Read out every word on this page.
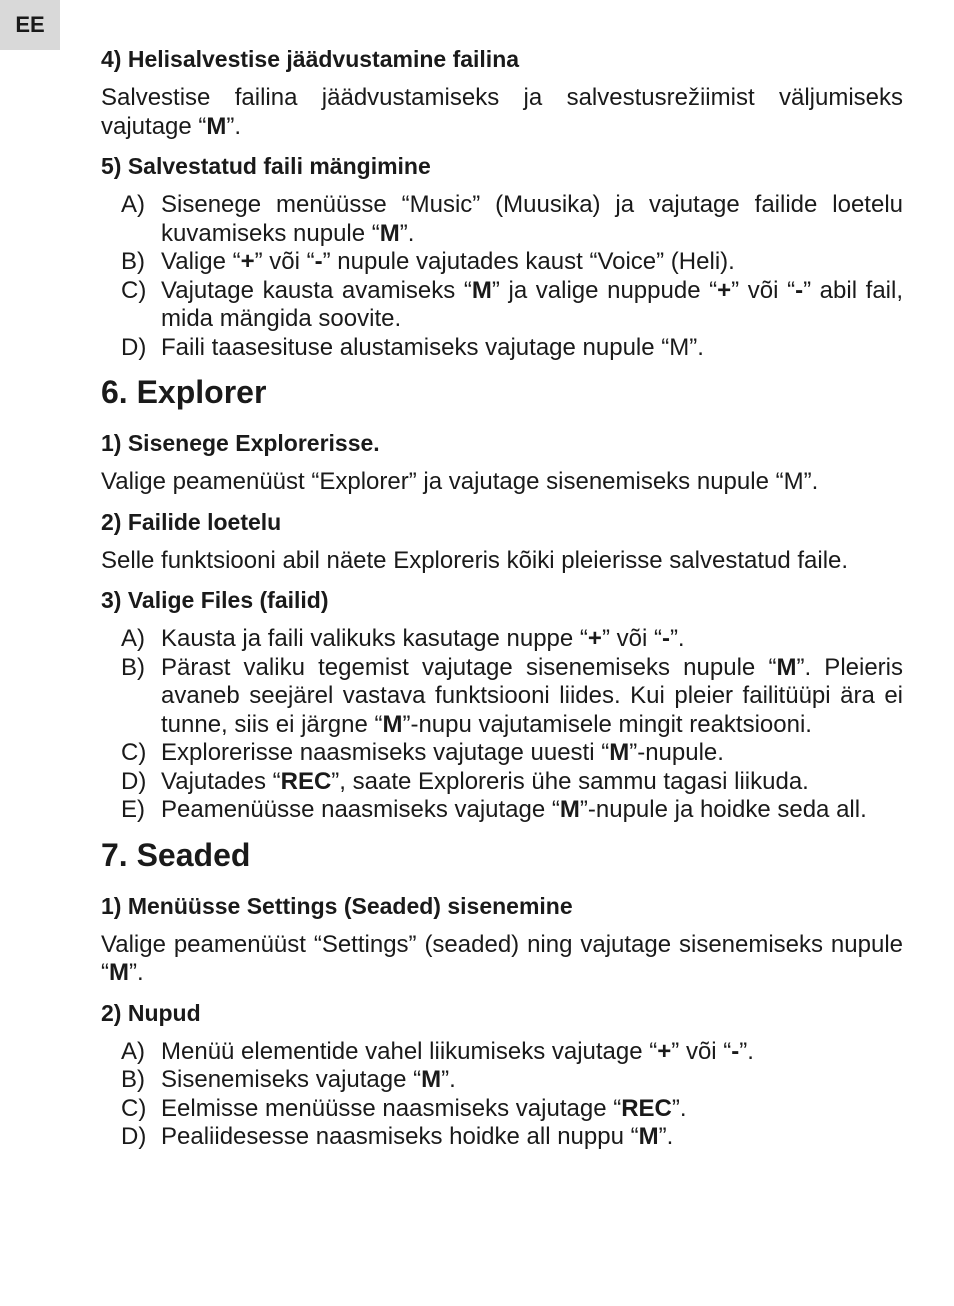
EE
4) Helisalvestise jäädvustamine failina

Salvestise failina jäädvustamiseks ja salvestusrežiimist väljumiseks vajutage “M”.

5) Salvestatud faili mängimine
A) Sisenege menüüsse “Music” (Muusika) ja vajutage failide loetelu kuvamiseks nupule “M”.
B) Valige “+” või “-” nupule vajutades kaust “Voice” (Heli).
C) Vajutage kausta avamiseks “M” ja valige nuppude “+” või “-” abil fail, mida mängida soovite.
D) Faili taasesituse alustamiseks vajutage nupule “M”.
6. Explorer
1) Sisenege Explorerisse.

Valige peamenüüst “Explorer” ja vajutage sisenemiseks nupule “M”.

2) Failide loetelu

Selle funktsiooni abil näete Exploreris kõiki pleierisse salvestatud faile.

3) Valige Files (failid)
A) Kausta ja faili valikuks kasutage nuppe “+” või “-”.
B) Pärast valiku tegemist vajutage sisenemiseks nupule “M”. Pleieris avaneb seejärel vastava funktsiooni liides. Kui pleier failitüüpi ära ei tunne, siis ei järgne “M”-nupu vajutamisele mingit reaktsiooni.
C) Explorerisse naasmiseks vajutage uuesti “M”-nupule.
D) Vajutades “REC”, saate Exploreris ühe sammu tagasi liikuda.
E) Peamenüüsse naasmiseks vajutage “M”-nupule ja hoidke seda all.
7. Seaded
1) Menüüsse Settings (Seaded) sisenemine

Valige peamenüüst “Settings” (seaded) ning vajutage sisenemiseks nupule “M”.

2) Nupud
A) Menüü elementide vahel liikumiseks vajutage “+” või “-”.
B) Sisenemiseks vajutage “M”.
C) Eelmisse menüüsse naasmiseks vajutage “REC”.
D) Pealiidesesse naasmiseks hoidke all nuppu “M”.
